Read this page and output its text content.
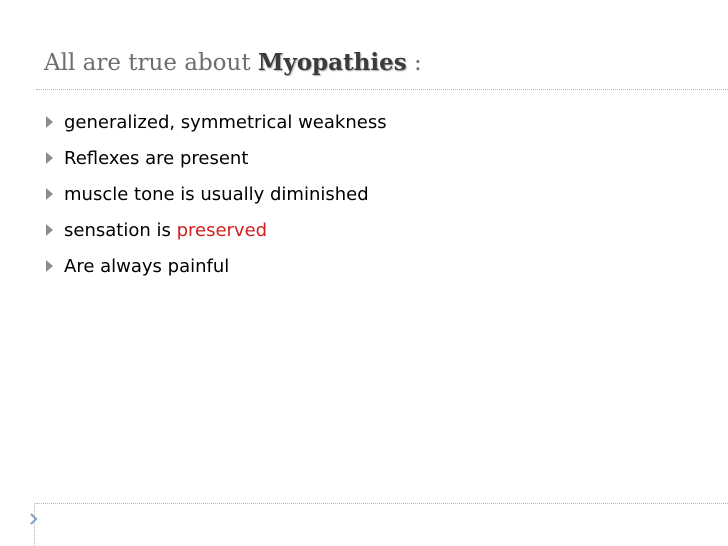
All are true about Myopathies :
generalized, symmetrical weakness
Reflexes are present
muscle tone is usually diminished
sensation is preserved
Are always painful
